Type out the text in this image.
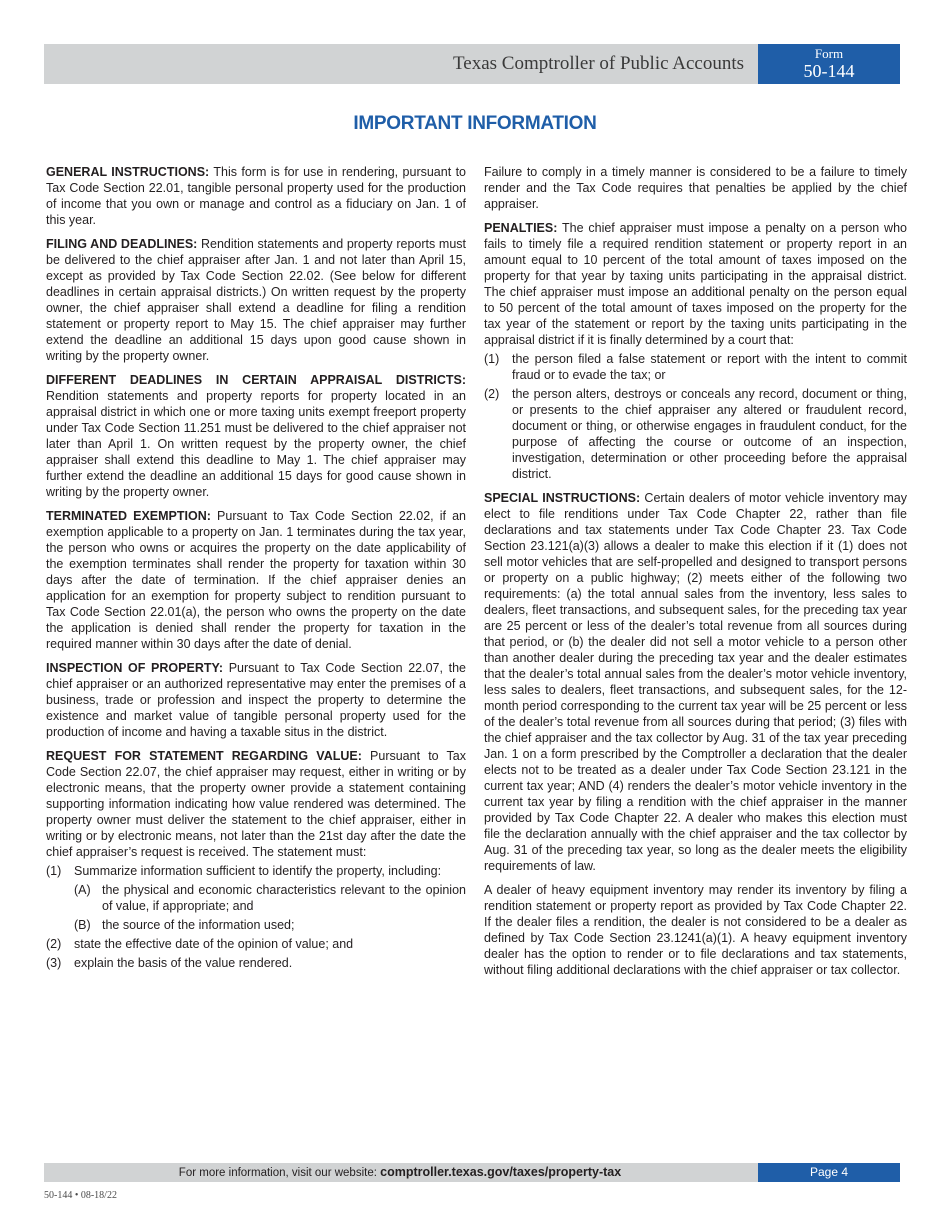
Texas Comptroller of Public Accounts	Form
50-144
IMPORTANT INFORMATION

GENERAL INSTRUCTIONS: This form is for use in rendering, pursuant to Tax Code Section 22.01, tangible personal property used for the production of income that you own or manage and control as a fiduciary on Jan. 1 of this year.

FILING AND DEADLINES: Rendition statements and property reports must be delivered to the chief appraiser after Jan. 1 and not later than April 15, except as provided by Tax Code Section 22.02. (See below for different deadlines in certain appraisal districts.) On written request by the property owner, the chief appraiser shall extend a deadline for filing a rendition statement or property report to May 15. The chief appraiser may further extend the deadline an additional 15 days upon good cause shown in writing by the property owner.

DIFFERENT DEADLINES IN CERTAIN APPRAISAL DISTRICTS: Rendition statements and property reports for property located in an appraisal district in which one or more taxing units exempt freeport property under Tax Code Section 11.251 must be delivered to the chief appraiser not later than April 1. On written request by the property owner, the chief appraiser shall extend this deadline to May 1. The chief appraiser may further extend the deadline an additional 15 days for good cause shown in writing by the property owner.

TERMINATED EXEMPTION: Pursuant to Tax Code Section 22.02, if an exemption applicable to a property on Jan. 1 terminates during the tax year, the person who owns or acquires the property on the date applicability of the exemption terminates shall render the property for taxation within 30 days after the date of termination. If the chief appraiser denies an application for an exemption for property subject to rendition pursuant to Tax Code Section 22.01(a), the person who owns the property on the date the application is denied shall render the property for taxation in the required manner within 30 days after the date of denial.

INSPECTION OF PROPERTY: Pursuant to Tax Code Section 22.07, the chief appraiser or an authorized representative may enter the premises of a business, trade or profession and inspect the property to determine the existence and market value of tangible personal property used for the production of income and having a taxable situs in the district.

REQUEST FOR STATEMENT REGARDING VALUE: Pursuant to Tax Code Section 22.07, the chief appraiser may request, either in writing or by electronic means, that the property owner provide a statement containing supporting information indicating how value rendered was determined. The property owner must deliver the statement to the chief appraiser, either in writing or by electronic means, not later than the 21st day after the date the chief appraiser’s request is received. The statement must:

(1) Summarize information sufficient to identify the property, including:
(A) the physical and economic characteristics relevant to the opinion of value, if appropriate; and
(B) the source of the information used;
(2) state the effective date of the opinion of value; and
(3) explain the basis of the value rendered.

Failure to comply in a timely manner is considered to be a failure to timely render and the Tax Code requires that penalties be applied by the chief appraiser.

PENALTIES: The chief appraiser must impose a penalty on a person who fails to timely file a required rendition statement or property report in an amount equal to 10 percent of the total amount of taxes imposed on the property for that year by taxing units participating in the appraisal district. The chief appraiser must impose an additional penalty on the person equal to 50 percent of the total amount of taxes imposed on the property for the tax year of the statement or report by the taxing units participating in the appraisal district if it is finally determined by a court that:

(1) the person filed a false statement or report with the intent to commit fraud or to evade the tax; or
(2) the person alters, destroys or conceals any record, document or thing, or presents to the chief appraiser any altered or fraudulent record, document or thing, or otherwise engages in fraudulent conduct, for the purpose of affecting the course or outcome of an inspection, investigation, determination or other proceeding before the appraisal district.

SPECIAL INSTRUCTIONS: Certain dealers of motor vehicle inventory may elect to file renditions under Tax Code Chapter 22, rather than file declarations and tax statements under Tax Code Chapter 23. Tax Code Section 23.121(a)(3) allows a dealer to make this election if it (1) does not sell motor vehicles that are self-propelled and designed to transport persons or property on a public highway; (2) meets either of the following two requirements: (a) the total annual sales from the inventory, less sales to dealers, fleet transactions, and subsequent sales, for the preceding tax year are 25 percent or less of the dealer’s total revenue from all sources during that period, or (b) the dealer did not sell a motor vehicle to a person other than another dealer during the preceding tax year and the dealer estimates that the dealer’s total annual sales from the dealer’s motor vehicle inventory, less sales to dealers, fleet transactions, and subsequent sales, for the 12-month period corresponding to the current tax year will be 25 percent or less of the dealer’s total revenue from all sources during that period; (3) files with the chief appraiser and the tax collector by Aug. 31 of the tax year preceding Jan. 1 on a form prescribed by the Comptroller a declaration that the dealer elects not to be treated as a dealer under Tax Code Section 23.121 in the current tax year; AND (4) renders the dealer’s motor vehicle inventory in the current tax year by filing a rendition with the chief appraiser in the manner provided by Tax Code Chapter 22. A dealer who makes this election must file the declaration annually with the chief appraiser and the tax collector by Aug. 31 of the preceding tax year, so long as the dealer meets the eligibility requirements of law.

A dealer of heavy equipment inventory may render its inventory by filing a rendition statement or property report as provided by Tax Code Chapter 22. If the dealer files a rendition, the dealer is not considered to be a dealer as defined by Tax Code Section 23.1241(a)(1). A heavy equipment inventory dealer has the option to render or to file declarations and tax statements, without filing additional declarations with the chief appraiser or tax collector.

For more information, visit our website: comptroller.texas.gov/taxes/property-tax	Page 4
50-144 • 08-18/22
